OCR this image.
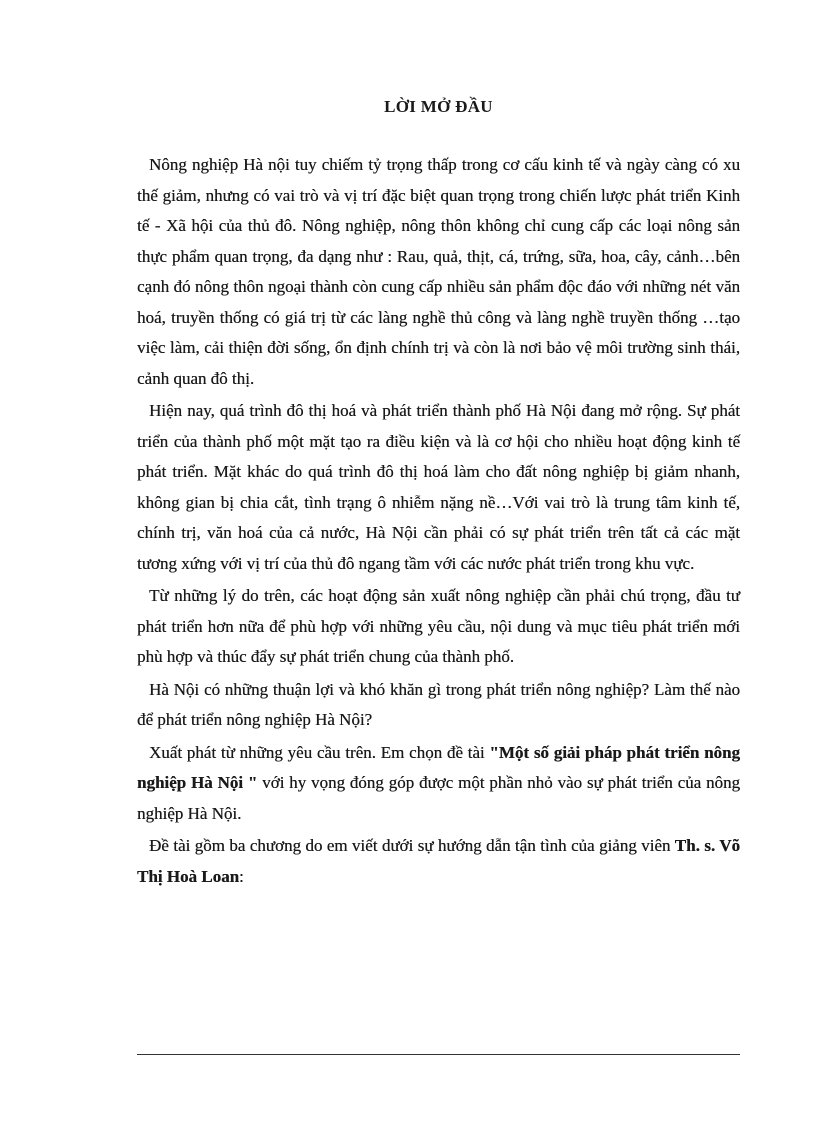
LỜI MỞ ĐẦU

Nông nghiệp Hà nội tuy chiếm tỷ trọng thấp trong cơ cấu kinh tế và ngày càng có xu thế giảm, nhưng có vai trò và vị trí đặc biệt quan trọng trong chiến lược phát triển Kinh tế - Xã hội của thủ đô. Nông nghiệp, nông thôn không chỉ cung cấp các loại nông sản thực phẩm quan trọng, đa dạng như : Rau, quả, thịt, cá, trứng, sữa, hoa, cây, cảnh…bên cạnh đó nông thôn ngoại thành còn cung cấp nhiều sản phẩm độc đáo với những nét văn hoá, truyền thống có giá trị từ các làng nghề thủ công và làng nghề truyền thống …tạo việc làm, cải thiện đời sống, ổn định chính trị và còn là nơi bảo vệ môi trường sinh thái, cảnh quan đô thị.

Hiện nay, quá trình đô thị hoá và phát triển thành phố Hà Nội đang mở rộng. Sự phát triển của thành phố một mặt tạo ra điều kiện và là cơ hội cho nhiều hoạt động kinh tế phát triển. Mặt khác do quá trình đô thị hoá làm cho đất nông nghiệp bị giảm nhanh, không gian bị chia cắt, tình trạng ô nhiễm nặng nề…Với vai trò là trung tâm kinh tế, chính trị, văn hoá của cả nước, Hà Nội cần phải có sự phát triển trên tất cả các mặt tương xứng với vị trí của thủ đô ngang tầm với các nước phát triển trong khu vực.

Từ những lý do trên, các hoạt động sản xuất nông nghiệp cần phải chú trọng, đầu tư phát triển hơn nữa để phù hợp với những yêu cầu, nội dung và mục tiêu phát triển mới phù hợp và thúc đẩy sự phát triển chung của thành phố.

Hà Nội có những thuận lợi và khó khăn gì trong phát triển nông nghiệp? Làm thế nào để phát triển nông nghiệp Hà Nội?

Xuất phát từ những yêu cầu trên. Em chọn đề tài "Một số giải pháp phát triển nông nghiệp Hà Nội " với hy vọng đóng góp được một phần nhỏ vào sự phát triển của nông nghiệp Hà Nội.

Đề tài gồm ba chương do em viết dưới sự hướng dẫn tận tình của giảng viên Th. s. Võ Thị Hoà Loan:
